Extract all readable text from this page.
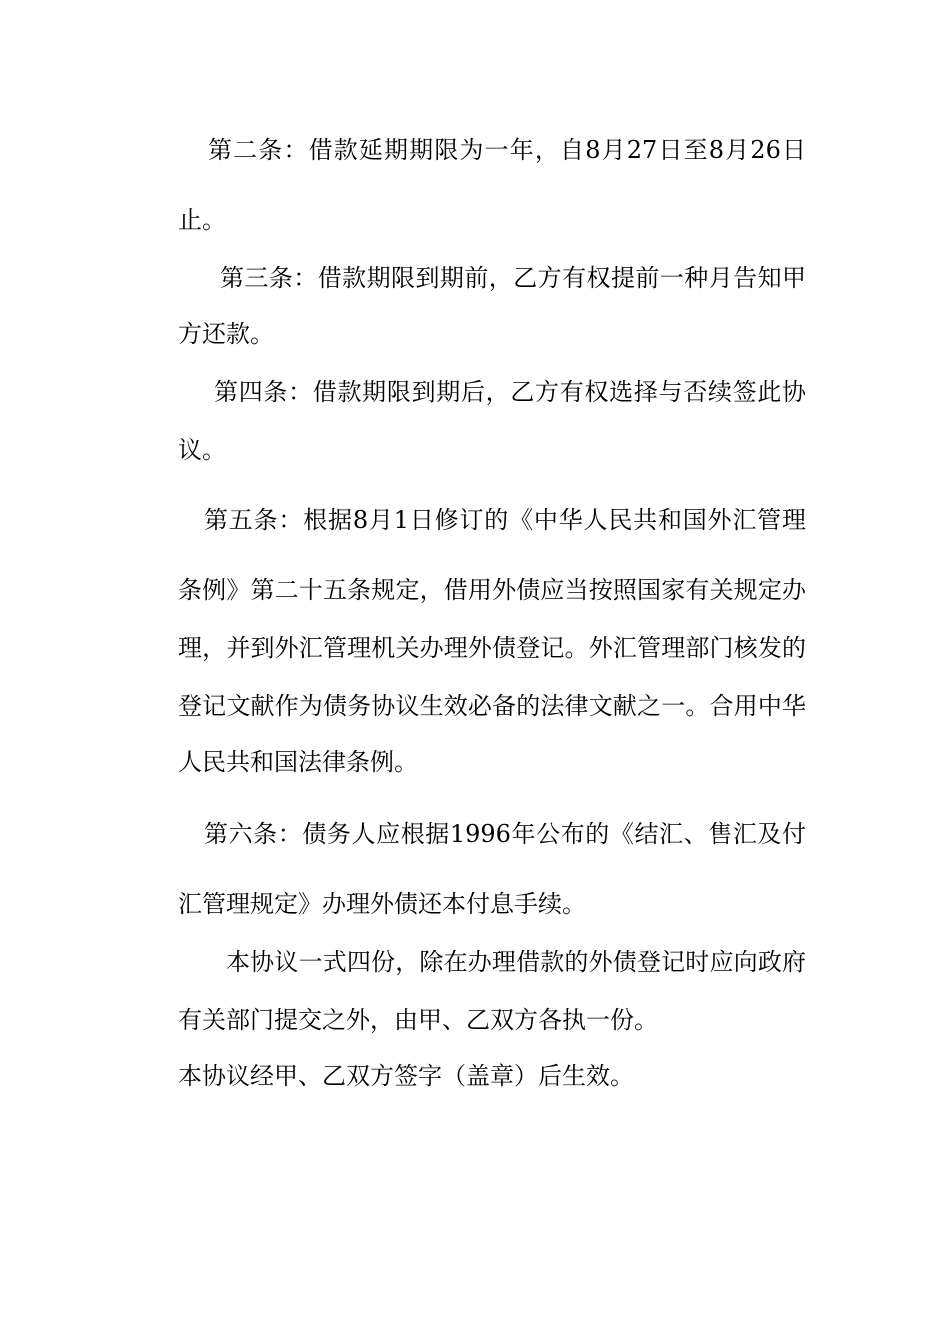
第二条：借款延期期限为一年，自8月27日至8月26日
止。
第三条：借款期限到期前，乙方有权提前一种月告知甲
方还款。
第四条：借款期限到期后，乙方有权选择与否续签此协
议。
第五条：根据8月1日修订的《中华人民共和国外汇管理
条例》第二十五条规定，借用外债应当按照国家有关规定办
理，并到外汇管理机关办理外债登记。外汇管理部门核发的
登记文献作为债务协议生效必备的法律文献之一。合用中华
人民共和国法律条例。
第六条：债务人应根据1996年公布的《结汇、售汇及付
汇管理规定》办理外债还本付息手续。
本协议一式四份，除在办理借款的外债登记时应向政府
有关部门提交之外，由甲、乙双方各执一份。
本协议经甲、乙双方签字（盖章）后生效。
